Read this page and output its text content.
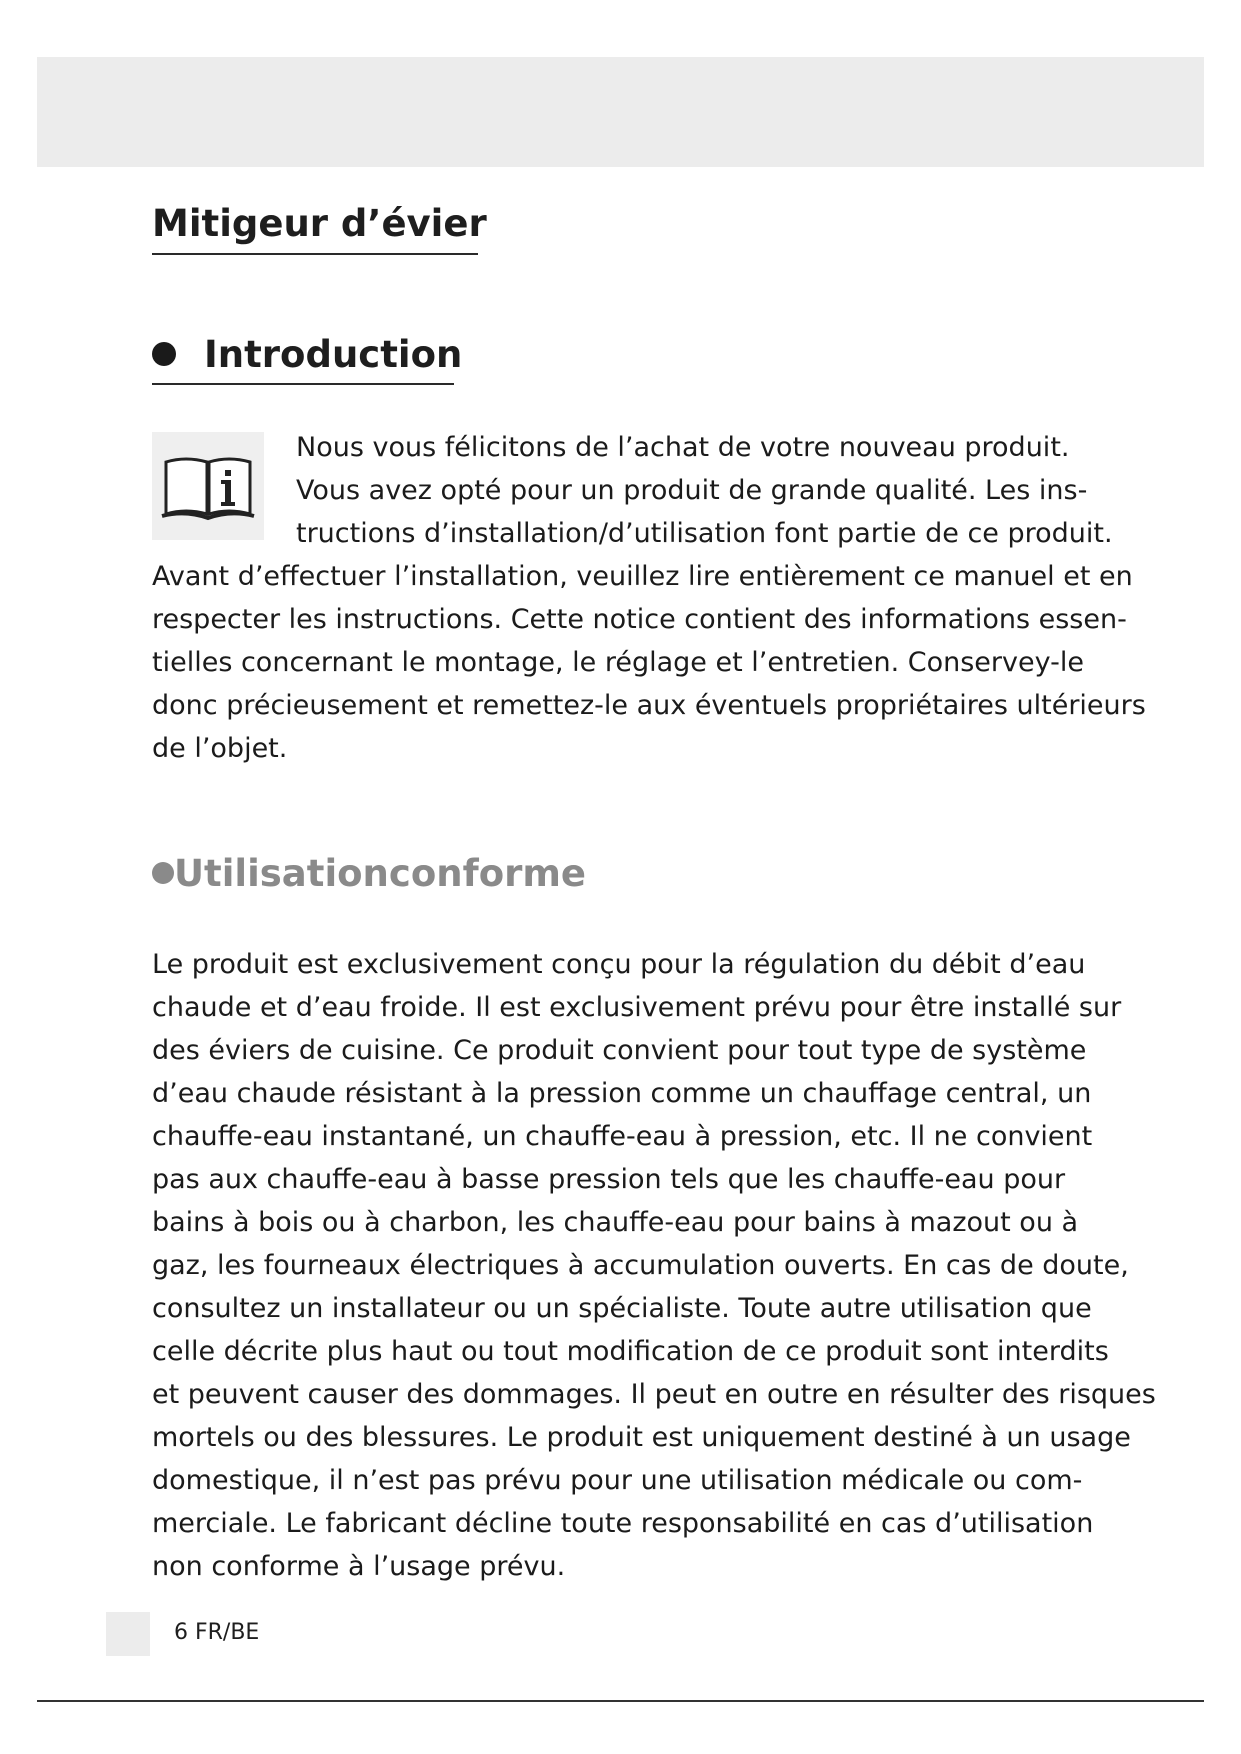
Mitigeur d’évier
Introduction

Nous vous félicitons de l’achat de votre nouveau produit.

Vous avez opté pour un produit de grande qualité. Les ins-

tructions d’installation/d’utilisation font partie de ce produit.

Avant d’effectuer l’installation, veuillez lire entièrement ce manuel et en

respecter les instructions. Cette notice contient des informations essen-

tielles concernant le montage, le réglage et l’entretien. Conservey-le

donc précieusement et remettez-le aux éventuels propriétaires ultérieurs

de l’objet.

Utilisationconforme

Le produit est exclusivement conçu pour la régulation du débit d’eau

chaude et d’eau froide. Il est exclusivement prévu pour être installé sur

des éviers de cuisine. Ce produit convient pour tout type de système

d’eau chaude résistant à la pression comme un chauffage central, un

chauffe-eau instantané, un chauffe-eau à pression, etc. Il ne convient

pas aux chauffe-eau à basse pression tels que les chauffe-eau pour

bains à bois ou à charbon, les chauffe-eau pour bains à mazout ou à

gaz, les fourneaux électriques à accumulation ouverts. En cas de doute,

consultez un installateur ou un spécialiste. Toute autre utilisation que

celle décrite plus haut ou tout modification de ce produit sont interdits

et peuvent causer des dommages. Il peut en outre en résulter des risques

mortels ou des blessures. Le produit est uniquement destiné à un usage

domestique, il n’est pas prévu pour une utilisation médicale ou com-

merciale. Le fabricant décline toute responsabilité en cas d’utilisation

non conforme à l’usage prévu.

6 FR/BE
